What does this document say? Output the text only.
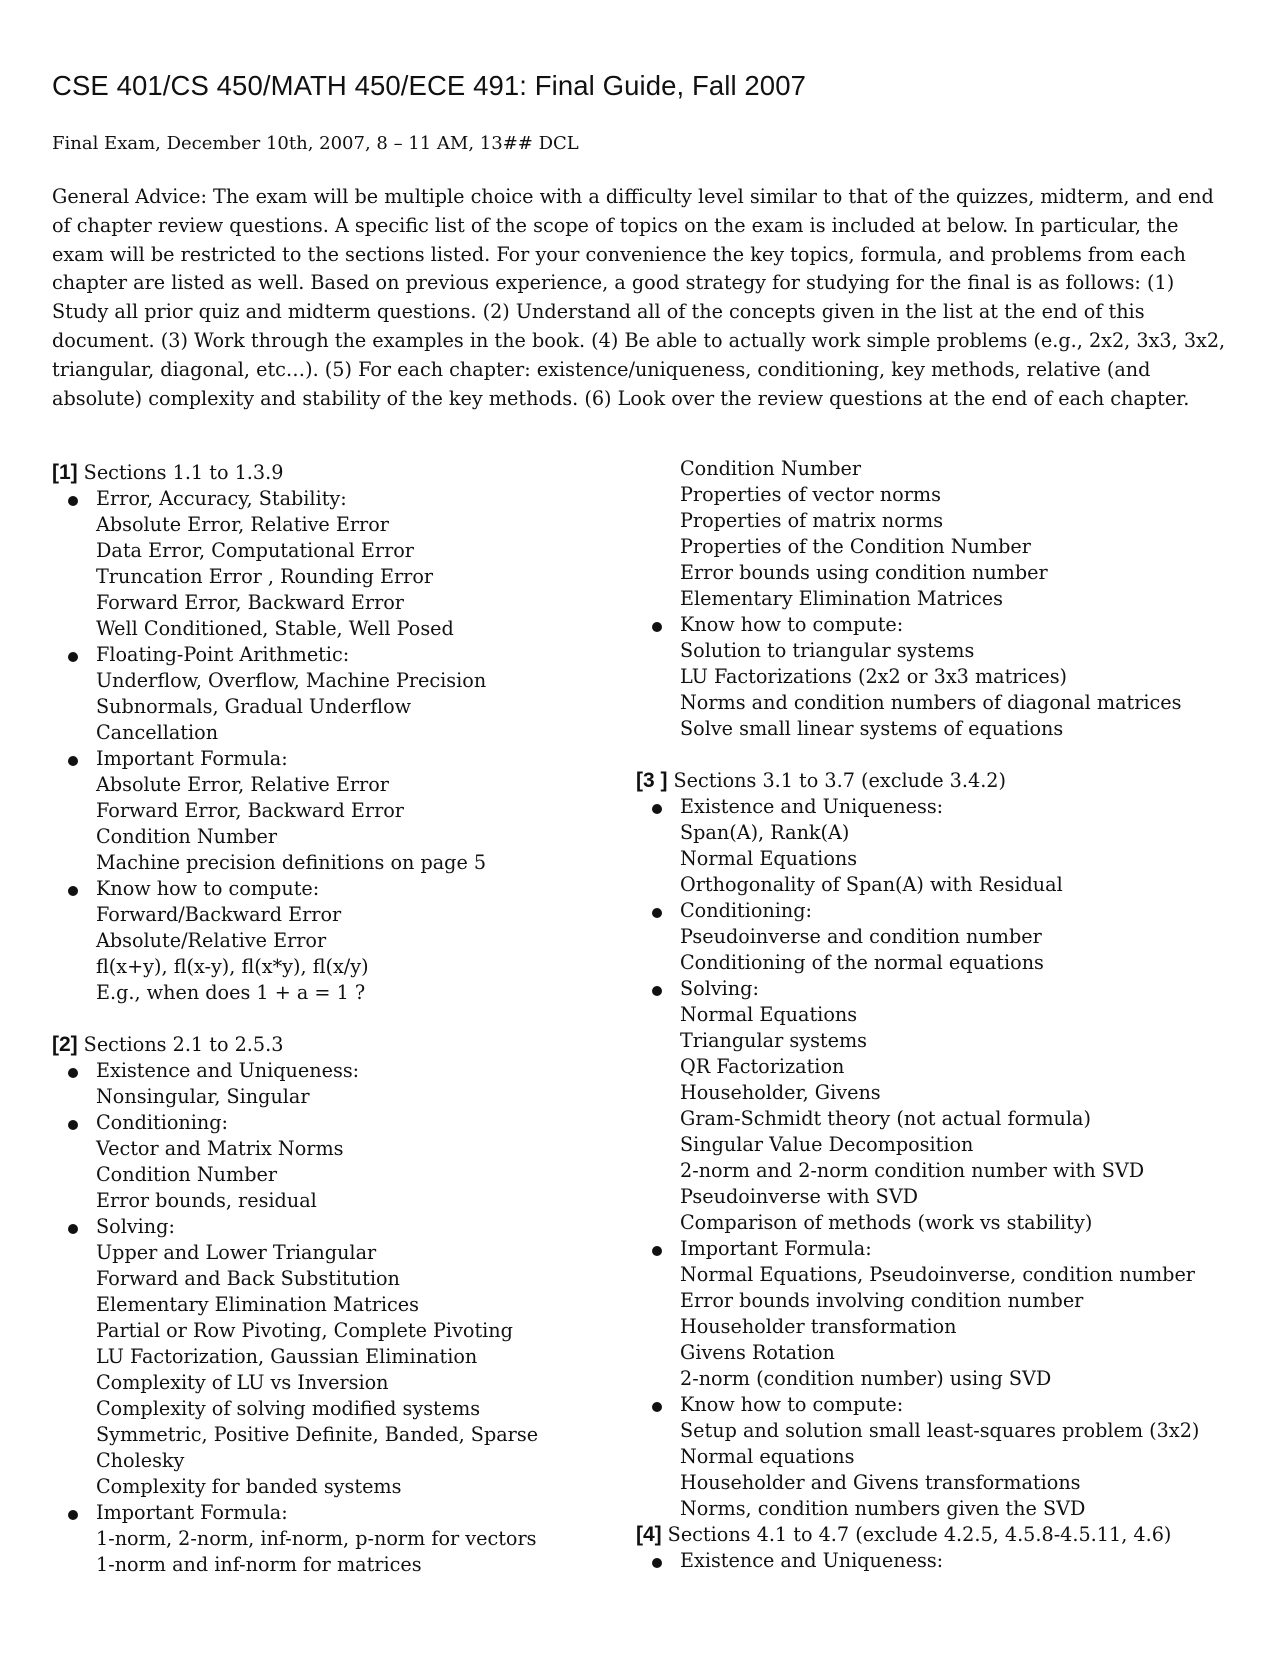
CSE 401/CS 450/MATH 450/ECE 491: Final Guide, Fall 2007

Final Exam, December 10th, 2007, 8 – 11 AM, 13## DCL

General Advice: The exam will be multiple choice with a difficulty level similar to that of the quizzes, midterm, and end of chapter review questions. A specific list of the scope of topics on the exam is included at below. In particular, the exam will be restricted to the sections listed. For your convenience the key topics, formula, and problems from each chapter are listed as well. Based on previous experience, a good strategy for studying for the final is as follows: (1) Study all prior quiz and midterm questions. (2) Understand all of the concepts given in the list at the end of this document. (3) Work through the examples in the book. (4) Be able to actually work simple problems (e.g., 2x2, 3x3, 3x2, triangular, diagonal, etc…). (5) For each chapter: existence/uniqueness, conditioning, key methods, relative (and absolute) complexity and stability of the key methods. (6) Look over the review questions at the end of each chapter.

[1] Sections 1.1 to 1.3.9
Error, Accuracy, Stability:
Absolute Error, Relative Error
Data Error, Computational Error
Truncation Error , Rounding Error
Forward Error, Backward Error
Well Conditioned, Stable, Well Posed
Floating-Point Arithmetic:
Underflow, Overflow, Machine Precision
Subnormals, Gradual Underflow
Cancellation
Important Formula:
Absolute Error, Relative Error
Forward Error, Backward Error
Condition Number
Machine precision definitions on page 5
Know how to compute:
Forward/Backward Error
Absolute/Relative Error
fl(x+y), fl(x-y), fl(x*y), fl(x/y)
E.g., when does 1 + a = 1 ?
[2] Sections 2.1 to 2.5.3
Existence and Uniqueness:
Nonsingular, Singular
Conditioning:
Vector and Matrix Norms
Condition Number
Error bounds, residual
Solving:
Upper and Lower Triangular
Forward and Back Substitution
Elementary Elimination Matrices
Partial or Row Pivoting, Complete Pivoting
LU Factorization, Gaussian Elimination
Complexity of LU vs Inversion
Complexity of solving modified systems
Symmetric, Positive Definite, Banded, Sparse
Cholesky
Complexity for banded systems
Important Formula:
1-norm, 2-norm, inf-norm, p-norm for vectors
1-norm and inf-norm for matrices
Condition Number
Properties of vector norms
Properties of matrix norms
Properties of the Condition Number
Error bounds using condition number
Elementary Elimination Matrices
Know how to compute:
Solution to triangular systems
LU Factorizations (2x2 or 3x3 matrices)
Norms and condition numbers of diagonal matrices
Solve small linear systems of equations
[3 ] Sections 3.1 to 3.7 (exclude 3.4.2)
Existence and Uniqueness:
Span(A), Rank(A)
Normal Equations
Orthogonality of Span(A) with Residual
Conditioning:
Pseudoinverse and condition number
Conditioning of the normal equations
Solving:
Normal Equations
Triangular systems
QR Factorization
Householder, Givens
Gram-Schmidt theory (not actual formula)
Singular Value Decomposition
2-norm and 2-norm condition number with SVD
Pseudoinverse with SVD
Comparison of methods (work vs stability)
Important Formula:
Normal Equations, Pseudoinverse, condition number
Error bounds involving condition number
Householder transformation
Givens Rotation
2-norm (condition number) using SVD
Know how to compute:
Setup and solution small least-squares problem (3x2)
Normal equations
Householder and Givens transformations
Norms, condition numbers given the SVD
[4] Sections 4.1 to 4.7 (exclude 4.2.5, 4.5.8-4.5.11, 4.6)
Existence and Uniqueness:
